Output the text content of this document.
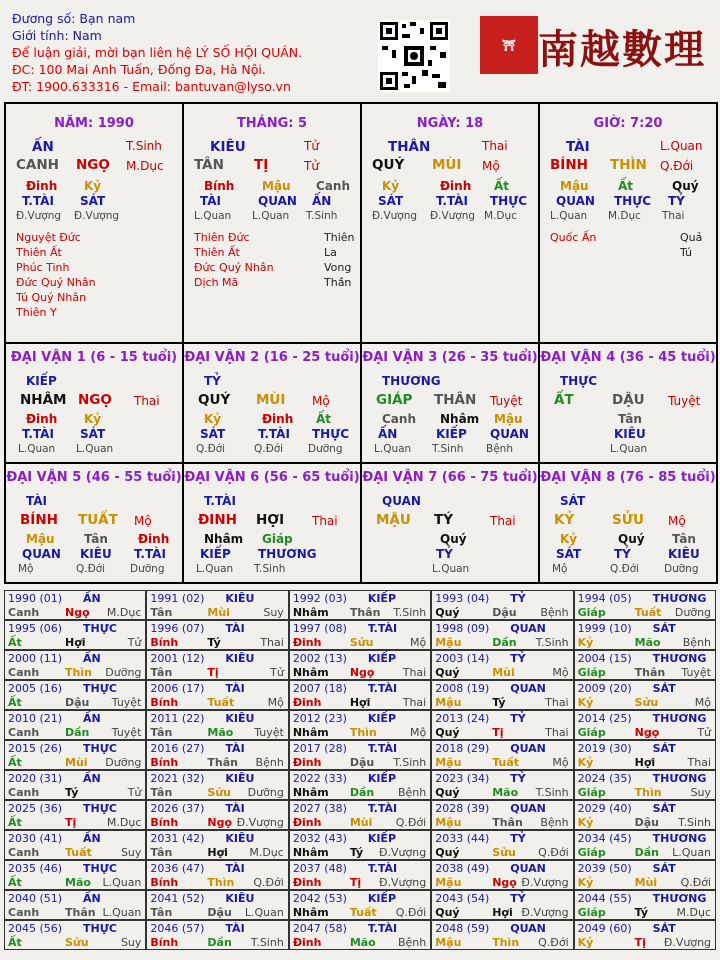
Đương số: Bạn nam
Giới tính: Nam
Để luận giải, mời bạn liên hệ LÝ SỐ HỘI QUÁN.
ĐC: 100 Mai Anh Tuấn, Đống Đa, Hà Nội.
ĐT: 1900.633316 - Email: bantuvan@lyso.vn
⛩ 南越數理
NĂM: 1990
ẤN	T.Sinh
CANH NGỌ M.Dục
Đinh
T.TÀI
Đ.Vượng
Kỷ
SÁT
Đ.Vượng
Nguyệt Đức
Thiên Ất
Phúc Tinh
Đức Quý Nhân
Tú Quý Nhân
Thiên Y
THÁNG: 5
KIÊU	Tử
TÂN TỊ	Tử
Bính
TÀI
L.Quan
Mậu
QUAN
L.Quan
Canh
ẤN
T.Sinh
Thiên Đức
Thiên Ất
Đức Quý Nhân
Dịch Mã
Thiên La
Vong Thần
NGÀY: 18
THÂN	Thai
QUÝ MÙI Mộ
Kỷ
SÁT
Đ.Vượng
Đinh
T.TÀI
Đ.Vượng
Ất
THỰC
M.Dục
GIỜ: 7:20
TÀI	L.Quan
BÍNH THÌN Q.Đới
Mậu
QUAN
L.Quan
Ất
THỰC
M.Dục
Quý
TỶ
Thai
Quốc Ấn	Quả Tú
ĐẠI VẬN 1 (6 - 15 tuổi)
KIẾP
NHÂM NGỌ Thai
Đinh
T.TÀI
L.Quan
Kỷ
SÁT
L.Quan
ĐẠI VẬN 2 (16 - 25 tuổi)
TỶ
QUÝ MÙI Mộ
Kỷ
SÁT
Q.Đới
Đinh
T.TÀI
Q.Đới
Ất
THỰC
Dưỡng
ĐẠI VẬN 3 (26 - 35 tuổi)
THƯƠNG
GIÁP THÂN Tuyệt
Canh
ẤN
L.Quan
Nhâm
KIẾP
T.Sinh
Mậu
QUAN
Bệnh
ĐẠI VẬN 4 (36 - 45 tuổi)
THỰC
ẤT	DẬU Tuyệt
Tân
KIÊU
L.Quan
ĐẠI VẬN 5 (46 - 55 tuổi)
TÀI
BÍNH TUẤT Mộ
Mậu
QUAN
Mộ
Tân
KIÊU
Q.Đới
Đinh
T.TÀI
Dưỡng
ĐẠI VẬN 6 (56 - 65 tuổi)
T.TÀI
ĐINH HỢI Thai
Nhâm
KIẾP
L.Quan
Giáp
THƯƠNG
T.Sinh
ĐẠI VẬN 7 (66 - 75 tuổi)
QUAN
MẬU TÝ	Thai
Quý
TỶ
L.Quan
ĐẠI VẬN 8 (76 - 85 tuổi)
SÁT
KỶ	SỬU Mộ
Kỷ
SÁT
Mộ
Quý
TỶ
Q.Đới
Tân
KIÊU
Dưỡng
1990 (01) ẤN
Canh Ngọ M.Dục
1991 (02) KIÊU
Tân	Mùi	Suy
1992 (03) KIẾP
Nhâm Thân T.Sinh
1993 (04) TỶ
Quý	Dậu Bệnh
1994 (05) THƯƠNG
Giáp	Tuất Dưỡng
1995 (06) THỰC
Ất	Hợi	Tử
1996 (07) TÀI
Bính	Tý	Thai
1997 (08) T.TÀI
Đinh	Sửu	Mộ
1998 (09) QUAN
Mậu	Dần T.Sinh
1999 (10) SÁT
Kỷ	Mão Bệnh
2000 (11) ẤN
Canh Thìn Dưỡng
2001 (12) KIÊU
Tân	Tị	Tử
2002 (13) KIẾP
Nhâm Ngọ	Thai
2003 (14) TỶ
Quý	Mùi	Mộ
2004 (15) THƯƠNG
Giáp	Thân Tuyệt
2005 (16) THỰC
Ất	Dậu Tuyệt
2006 (17) TÀI
Bính	Tuất	Mộ
2007 (18) T.TÀI
Đinh	Hợi	Thai
2008 (19) QUAN
Mậu	Tý	Thai
2009 (20) SÁT
Kỷ	Sửu	Mộ
2010 (21) ẤN
Canh Dần Tuyệt
2011 (22) KIÊU
Tân	Mão Tuyệt
2012 (23) KIẾP
Nhâm Thìn	Mộ
2013 (24) TỶ
Quý	Tị	Thai
2014 (25) THƯƠNG
Giáp	Ngọ	Tử
2015 (26) THỰC
Ất	Mùi Dưỡng
2016 (27) TÀI
Bính	Thân Bệnh
2017 (28) T.TÀI
Đinh	Dậu T.Sinh
2018 (29) QUAN
Mậu	Tuất	Mộ
2019 (30) SÁT
Kỷ	Hợi	Thai
2020 (31) ẤN
Canh Tý	Tử
2021 (32) KIÊU
Tân	Sửu Dưỡng
2022 (33) KIẾP
Nhâm Dần Bệnh
2023 (34) TỶ
Quý	Mão T.Sinh
2024 (35) THƯƠNG
Giáp	Thìn	Suy
2025 (36) THỰC
Ất	Tị	M.Dục
2026 (37) TÀI
Bính	Ngọ Đ.Vượng
2027 (38) T.TÀI
Đinh	Mùi Q.Đới
2028 (39) QUAN
Mậu	Thân Bệnh
2029 (40) SÁT
Kỷ	Dậu T.Sinh
2030 (41) ẤN
Canh Tuất	Suy
2031 (42) KIÊU
Tân	Hợi M.Dục
2032 (43) KIẾP
Nhâm Tý Đ.Vượng
2033 (44) TỶ
Quý	Sửu Q.Đới
2034 (45) THƯƠNG
Giáp	Dần L.Quan
2035 (46) THỰC
Ất	Mão L.Quan
2036 (47) TÀI
Bính	Thìn Q.Đới
2037 (48) T.TÀI
Đinh	Tị Đ.Vượng
2038 (49) QUAN
Mậu	Ngọ Đ.Vượng
2039 (50) SÁT
Kỷ	Mùi Q.Đới
2040 (51) ẤN
Canh Thân L.Quan
2041 (52) KIÊU
Tân	Dậu L.Quan
2042 (53) KIẾP
Nhâm Tuất Q.Đới
2043 (54) TỶ
Quý	Hợi Đ.Vượng
2044 (55) THƯƠNG
Giáp	Tý	M.Dục
2045 (56) THỰC
Ất	Sửu	Suy
2046 (57) TÀI
Bính	Dần T.Sinh
2047 (58) T.TÀI
Đinh	Mão Bệnh
2048 (59) QUAN
Mậu	Thìn Q.Đới
2049 (60) SÁT
Kỷ	Tị Đ.Vượng
